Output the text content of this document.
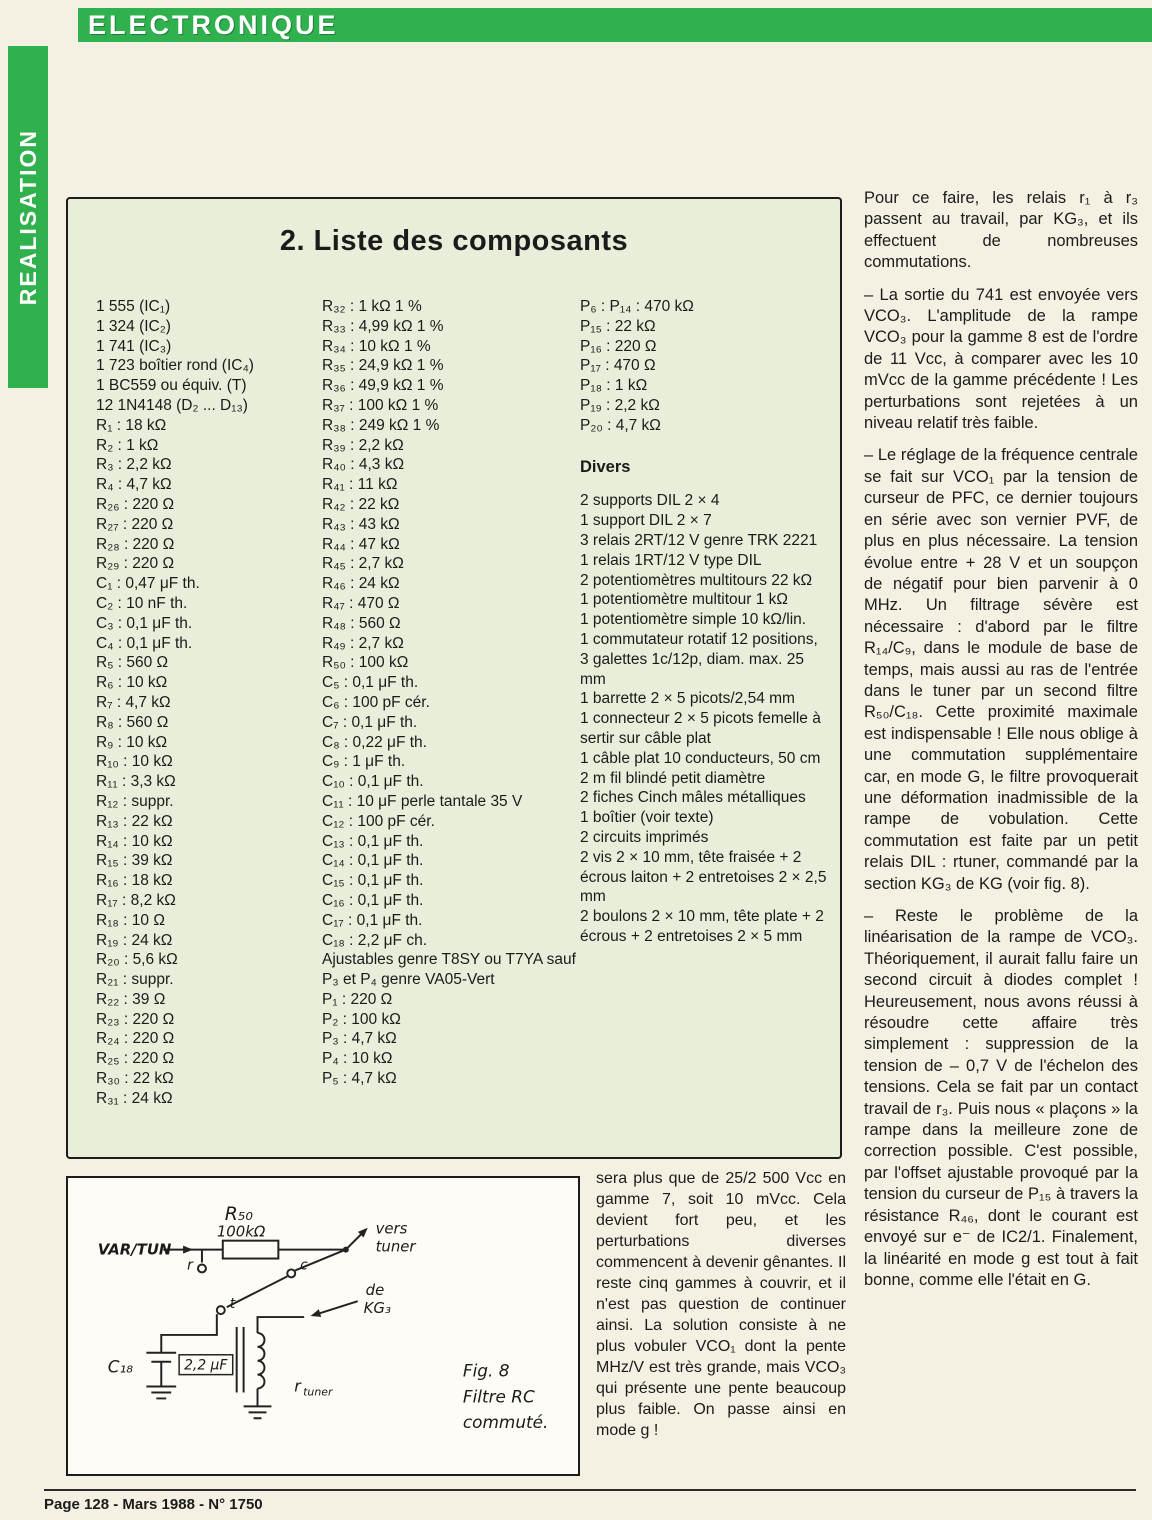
ELECTRONIQUE
REALISATION	2. Liste des composants
1 555 (IC₁)
1 324 (IC₂)
1 741 (IC₃)
1 723 boîtier rond (IC₄)
1 BC559 ou équiv. (T)
12 1N4148 (D₂ ... D₁₃)
R₁ : 18 kΩ
R₂ : 1 kΩ
R₃ : 2,2 kΩ
R₄ : 4,7 kΩ
R₂₆ : 220 Ω
R₂₇ : 220 Ω
R₂₈ : 220 Ω
R₂₉ : 220 Ω
C₁ : 0,47 μF th.
C₂ : 10 nF th.
C₃ : 0,1 μF th.
C₄ : 0,1 μF th.
R₅ : 560 Ω
R₆ : 10 kΩ
R₇ : 4,7 kΩ
R₈ : 560 Ω
R₉ : 10 kΩ
R₁₀ : 10 kΩ
R₁₁ : 3,3 kΩ
R₁₂ : suppr.
R₁₃ : 22 kΩ
R₁₄ : 10 kΩ
R₁₅ : 39 kΩ
R₁₆ : 18 kΩ
R₁₇ : 8,2 kΩ
R₁₈ : 10 Ω
R₁₉ : 24 kΩ
R₂₀ : 5,6 kΩ
R₂₁ : suppr.
R₂₂ : 39 Ω
R₂₃ : 220 Ω
R₂₄ : 220 Ω
R₂₅ : 220 Ω
R₃₀ : 22 kΩ
R₃₁ : 24 kΩ
R₃₂ : 1 kΩ 1 %
R₃₃ : 4,99 kΩ 1 %
R₃₄ : 10 kΩ 1 %
R₃₅ : 24,9 kΩ 1 %
R₃₆ : 49,9 kΩ 1 %
R₃₇ : 100 kΩ 1 %
R₃₈ : 249 kΩ 1 %
R₃₉ : 2,2 kΩ
R₄₀ : 4,3 kΩ
R₄₁ : 11 kΩ
R₄₂ : 22 kΩ
R₄₃ : 43 kΩ
R₄₄ : 47 kΩ
R₄₅ : 2,7 kΩ
R₄₆ : 24 kΩ
R₄₇ : 470 Ω
R₄₈ : 560 Ω
R₄₉ : 2,7 kΩ
R₅₀ : 100 kΩ
C₅ : 0,1 μF th.
C₆ : 100 pF cér.
C₇ : 0,1 μF th.
C₈ : 0,22 μF th.
C₉ : 1 μF th.
C₁₀ : 0,1 μF th.
C₁₁ : 10 μF perle tantale 35 V
C₁₂ : 100 pF cér.
C₁₃ : 0,1 μF th.
C₁₄ : 0,1 μF th.
C₁₅ : 0,1 μF th.
C₁₆ : 0,1 μF th.
C₁₇ : 0,1 μF th.
C₁₈ : 2,2 μF ch.
Ajustables genre T8SY ou T7YA sauf P₃ et P₄ genre VA05-Vert
P₁ : 220 Ω
P₂ : 100 kΩ
P₃ : 4,7 kΩ
P₄ : 10 kΩ
P₅ : 4,7 kΩ
P₆ : P₁₄ : 470 kΩ
P₁₅ : 22 kΩ
P₁₆ : 220 Ω
P₁₇ : 470 Ω
P₁₈ : 1 kΩ
P₁₉ : 2,2 kΩ
P₂₀ : 4,7 kΩ
Divers
2 supports DIL 2 × 4
1 support DIL 2 × 7
3 relais 2RT/12 V genre TRK 2221
1 relais 1RT/12 V type DIL
2 potentiomètres multitours 22 kΩ
1 potentiomètre multitour 1 kΩ
1 potentiomètre simple 10 kΩ/lin.
1 commutateur rotatif 12 positions, 3 galettes 1c/12p, diam. max. 25 mm
1 barrette 2 × 5 picots/2,54 mm
1 connecteur 2 × 5 picots femelle à sertir sur câble plat
1 câble plat 10 conducteurs, 50 cm
2 m fil blindé petit diamètre
2 fiches Cinch mâles métalliques
1 boîtier (voir texte)
2 circuits imprimés
2 vis 2 × 10 mm, tête fraisée + 2 écrous laiton + 2 entretoises 2 × 2,5 mm
2 boulons 2 × 10 mm, tête plate + 2 écrous + 2 entretoises 2 × 5 mm
VAR/TUN
R₅₀
100kΩ	vers
tuner
de
KG₃
r	c
t
C₁₈	2,2 μF
r tuner
Fig. 8
Filtre RC
commuté.

sera plus que de 25/2 500 Vcc en gamme 7, soit 10 mVcc. Cela devient fort peu, et les perturbations diverses commencent à devenir gênantes. Il reste cinq gammes à couvrir, et il n'est pas question de continuer ainsi. La solution consiste à ne plus vobuler VCO₁ dont la pente MHz/V est très grande, mais VCO₃ qui présente une pente beaucoup plus faible. On passe ainsi en mode g !

Pour ce faire, les relais r₁ à r₃ passent au travail, par KG₃, et ils effectuent de nombreuses commutations.

– La sortie du 741 est envoyée vers VCO₃. L'amplitude de la rampe VCO₃ pour la gamme 8 est de l'ordre de 11 Vcc, à comparer avec les 10 mVcc de la gamme précédente ! Les perturbations sont rejetées à un niveau relatif très faible.

– Le réglage de la fréquence centrale se fait sur VCO₁ par la tension de curseur de PFC, ce dernier toujours en série avec son vernier PVF, de plus en plus nécessaire. La tension évolue entre + 28 V et un soupçon de négatif pour bien parvenir à 0 MHz. Un filtrage sévère est nécessaire : d'abord par le filtre R₁₄/C₉, dans le module de base de temps, mais aussi au ras de l'entrée dans le tuner par un second filtre R₅₀/C₁₈. Cette proximité maximale est indispensable ! Elle nous oblige à une commutation supplémentaire car, en mode G, le filtre provoquerait une déformation inadmissible de la rampe de vobulation. Cette commutation est faite par un petit relais DIL : rtuner, commandé par la section KG₃ de KG (voir fig. 8).

– Reste le problème de la linéarisation de la rampe de VCO₃. Théoriquement, il aurait fallu faire un second circuit à diodes complet ! Heureusement, nous avons réussi à résoudre cette affaire très simplement : suppression de la tension de – 0,7 V de l'échelon des tensions. Cela se fait par un contact travail de r₃. Puis nous « plaçons » la rampe dans la meilleure zone de correction possible. C'est possible, par l'offset ajustable provoqué par la tension du curseur de P₁₅ à travers la résistance R₄₆, dont le courant est envoyé sur e⁻ de IC2/1. Finalement, la linéarité en mode g est tout à fait bonne, comme elle l'était en G.

Page 128 - Mars 1988 - N° 1750
